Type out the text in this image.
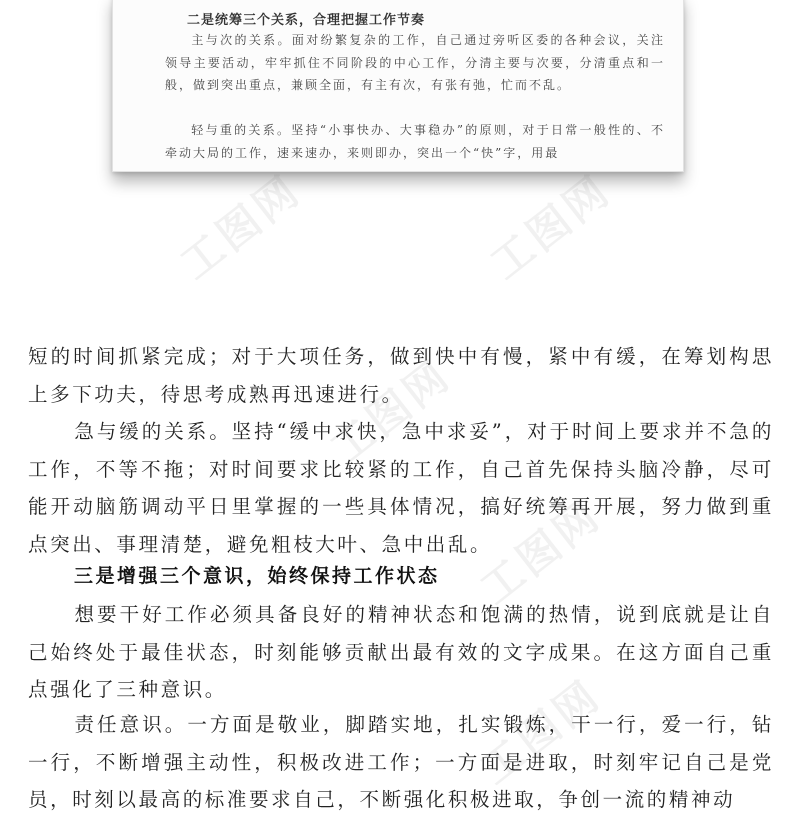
工图网	工图网
工图网
工图网
工图网
二是统筹三个关系，合理把握工作节奏

主与次的关系。面对纷繁复杂的工作，自己通过旁听区委的各种会议，关注领导主要活动，牢牢抓住不同阶段的中心工作，分清主要与次要，分清重点和一般，做到突出重点，兼顾全面，有主有次，有张有弛，忙而不乱。

轻与重的关系。坚持“小事快办、大事稳办”的原则，对于日常一般性的、不牵动大局的工作，速来速办，来则即办，突出一个“快”字，用最

短的时间抓紧完成；对于大项任务，做到快中有慢，紧中有缓，在筹划构思上多下功夫，待思考成熟再迅速进行。

急与缓的关系。坚持“缓中求快，急中求妥”，对于时间上要求并不急的工作，不等不拖；对时间要求比较紧的工作，自己首先保持头脑冷静，尽可能开动脑筋调动平日里掌握的一些具体情况，搞好统筹再开展，努力做到重点突出、事理清楚，避免粗枝大叶、急中出乱。

三是增强三个意识，始终保持工作状态

想要干好工作必须具备良好的精神状态和饱满的热情，说到底就是让自己始终处于最佳状态，时刻能够贡献出最有效的文字成果。在这方面自己重点强化了三种意识。

责任意识。一方面是敬业，脚踏实地，扎实锻炼，干一行，爱一行，钻一行，不断增强主动性，积极改进工作；一方面是进取，时刻牢记自己是党员，时刻以最高的标准要求自己，不断强化积极进取，争创一流的精神动
